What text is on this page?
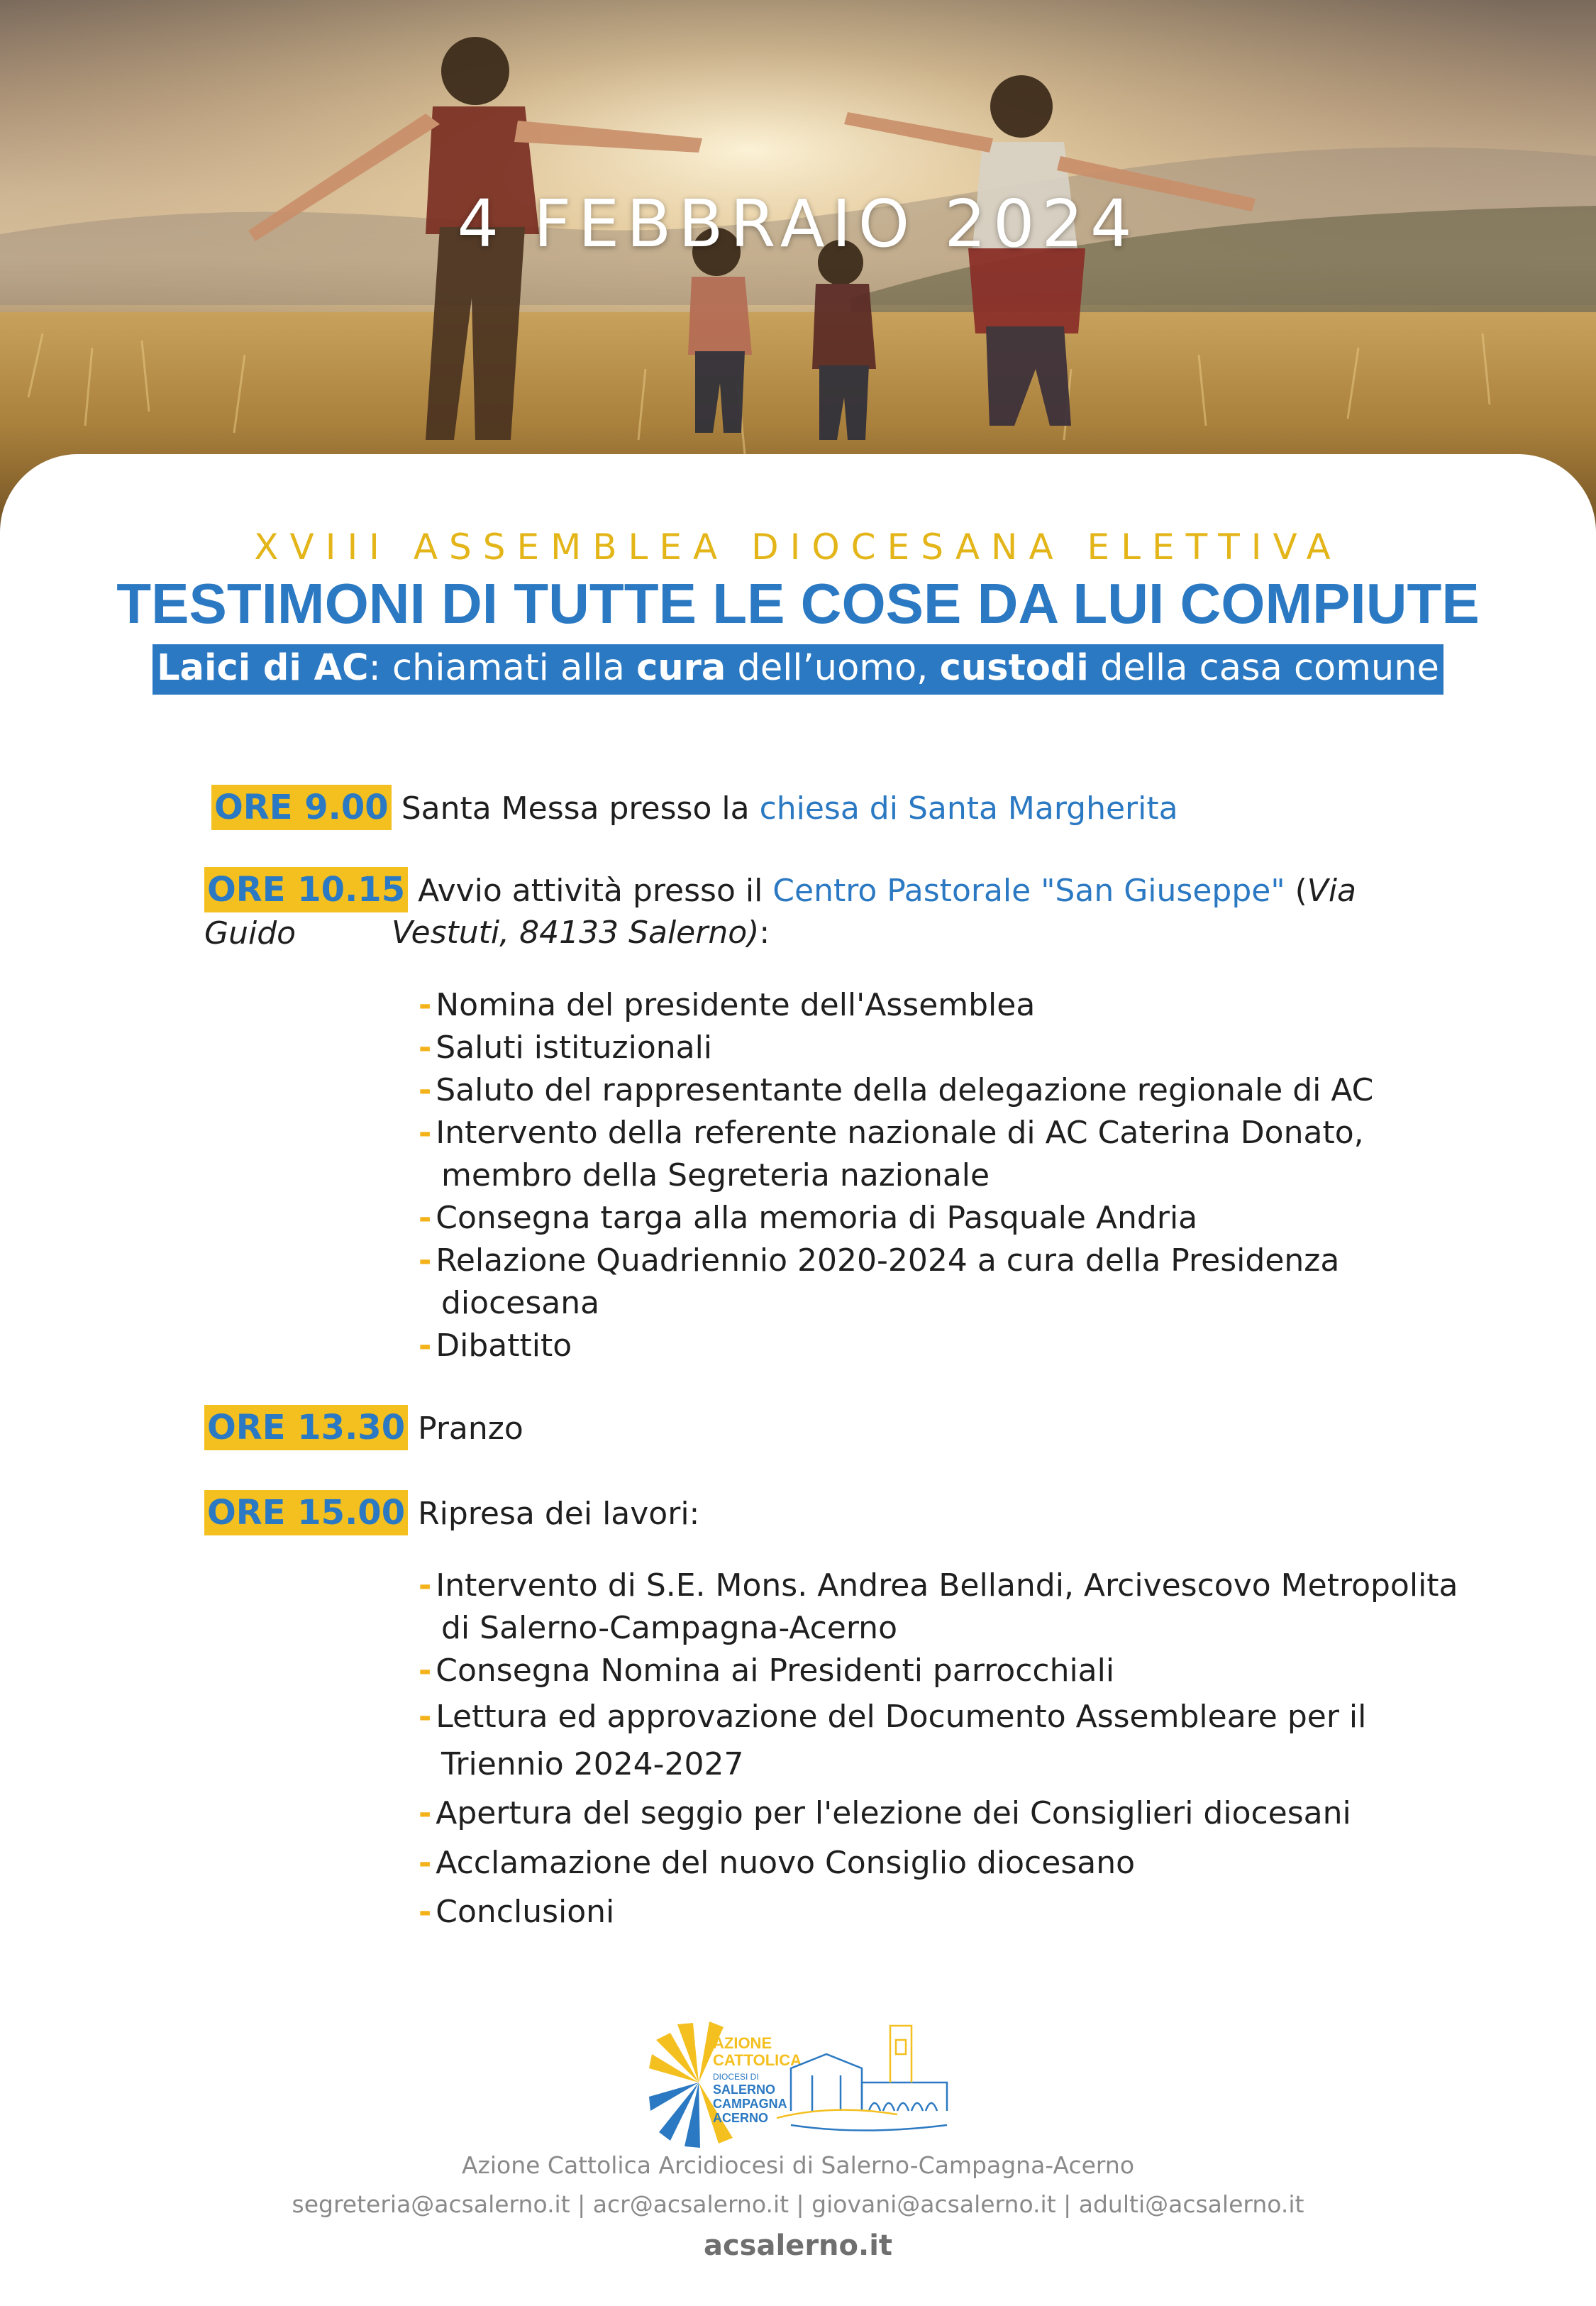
4 FEBBRAIO 2024
XVIII ASSEMBLEA DIOCESANA ELETTIVA
TESTIMONI DI TUTTE LE COSE DA LUI COMPIUTE
Laici di AC: chiamati alla cura dell’uomo, custodi della casa comune
ORE 9.00 Santa Messa presso la chiesa di Santa Margherita
ORE 10.15 Avvio attività presso il Centro Pastorale "San Giuseppe" (Via Guido	Vestuti, 84133 Salerno):
- Nomina del presidente dell'Assemblea
- Saluti istituzionali
- Saluto del rappresentante della delegazione regionale di AC
- Intervento della referente nazionale di AC Caterina Donato,
membro della Segreteria nazionale
- Consegna targa alla memoria di Pasquale Andria
- Relazione Quadriennio 2020-2024 a cura della Presidenza
diocesana
- Dibattito
ORE 13.30 Pranzo
ORE 15.00 Ripresa dei lavori:
- Intervento di S.E. Mons. Andrea Bellandi, Arcivescovo Metropolita
di Salerno-Campagna-Acerno
- Consegna Nomina ai Presidenti parrocchiali
- Lettura ed approvazione del Documento Assembleare per il
Triennio 2024-2027
- Apertura del seggio per l'elezione dei Consiglieri diocesani
- Acclamazione del nuovo Consiglio diocesano
- Conclusioni
AZIONE
CATTOLICA
DIOCESI DI
SALERNO
CAMPAGNA
ACERNO
Azione Cattolica Arcidiocesi di Salerno-Campagna-Acerno
segreteria@acsalerno.it | acr@acsalerno.it | giovani@acsalerno.it | adulti@acsalerno.it
acsalerno.it
